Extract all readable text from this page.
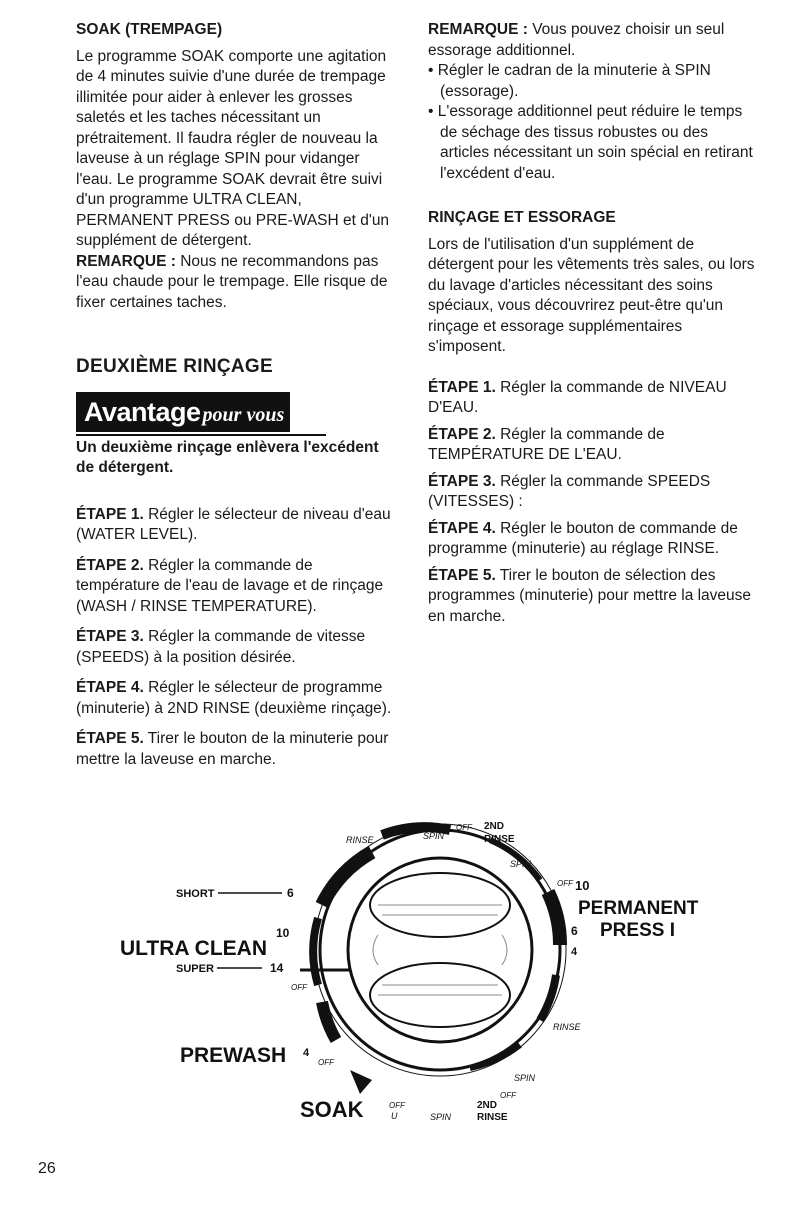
SOAK (TREMPAGE)

Le programme SOAK comporte une agitation de 4 minutes suivie d'une durée de trempage illimitée pour aider à enlever les grosses saletés et les taches nécessitant un prétraitement. Il faudra régler de nouveau la laveuse à un réglage SPIN pour vidanger l'eau. Le programme SOAK devrait être suivi d'un programme ULTRA CLEAN, PERMANENT PRESS ou PRE-WASH et d'un supplément de détergent.

REMARQUE : Nous ne recommandons pas l'eau chaude pour le trempage. Elle risque de fixer certaines taches.

DEUXIÈME RINÇAGE
Avantage pour vous

Un deuxième rinçage enlèvera l'excédent de détergent.

ÉTAPE 1. Régler le sélecteur de niveau d'eau (WATER LEVEL).

ÉTAPE 2. Régler la commande de température de l'eau de lavage et de rinçage (WASH / RINSE TEMPERATURE).

ÉTAPE 3. Régler la commande de vitesse (SPEEDS) à la position désirée.

ÉTAPE 4. Régler le sélecteur de programme (minuterie) à 2ND RINSE (deuxième rinçage).

ÉTAPE 5. Tirer le bouton de la minuterie pour mettre la laveuse en marche.

REMARQUE : Vous pouvez choisir un seul essorage additionnel.

• Régler le cadran de la minuterie à SPIN (essorage).
• L'essorage additionnel peut réduire le temps de séchage des tissus robustes ou des articles nécessitant un soin spécial en retirant l'excédent d'eau.

RINÇAGE ET ESSORAGE

Lors de l'utilisation d'un supplément de détergent pour les vêtements très sales, ou lors du lavage d'articles nécessitant des soins spéciaux, vous découvrirez peut-être qu'un rinçage et essorage supplémentaires s'imposent.

ÉTAPE 1. Régler la commande de NIVEAU D'EAU.

ÉTAPE 2. Régler la commande de TEMPÉRATURE DE L'EAU.

ÉTAPE 3. Régler la commande SPEEDS (VITESSES) :

ÉTAPE 4. Régler le bouton de commande de programme (minuterie) au réglage RINSE.

ÉTAPE 5. Tirer le bouton de sélection des programmes (minuterie) pour mettre la laveuse en marche.

SHORT	6
10
ULTRA CLEAN
SUPER	14
OFF
PREWASH 4
OFF
SOAK	OFF
U	SPIN
2ND
RINSE
OFF
SPIN
RINSE
10
OFF
PERMANENT
6 PRESS I
4
RINSE	SPIN
OFF 2ND
RINSE
SPIN
26
